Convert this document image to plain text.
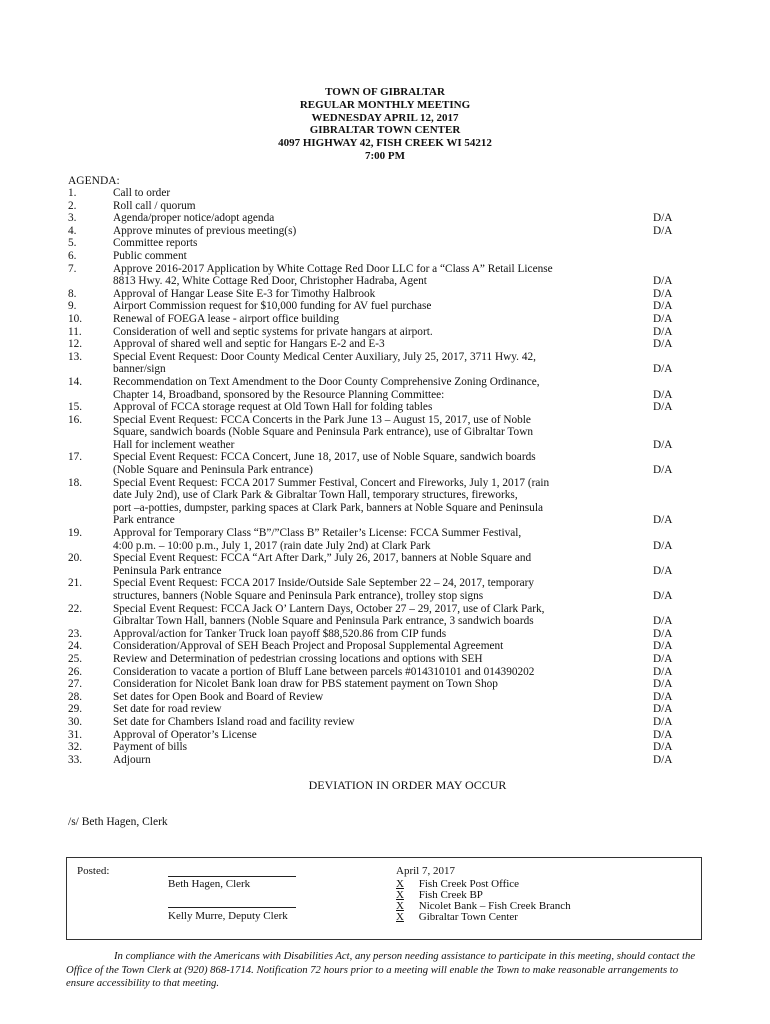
TOWN OF GIBRALTAR
REGULAR MONTHLY MEETING
WEDNESDAY APRIL 12, 2017
GIBRALTAR TOWN CENTER
4097 HIGHWAY 42, FISH CREEK WI 54212
7:00 PM
AGENDA:
1.	Call to order
2.	Roll call / quorum
3.	Agenda/proper notice/adopt agenda	D/A
4.	Approve minutes of previous meeting(s)	D/A
5.	Committee reports
6.	Public comment
7.	Approve 2016-2017 Application by White Cottage Red Door LLC for a “Class A” Retail License
8813 Hwy. 42, White Cottage Red Door, Christopher Hadraba, Agent	D/A
8.	Approval of Hangar Lease Site E-3 for Timothy Halbrook	D/A
9.	Airport Commission request for $10,000 funding for AV fuel purchase	D/A
10.	Renewal of FOEGA lease - airport office building	D/A
11.	Consideration of well and septic systems for private hangars at airport.	D/A
12.	Approval of shared well and septic for Hangars E-2 and E-3	D/A
13.	Special Event Request: Door County Medical Center Auxiliary, July 25, 2017, 3711 Hwy. 42,
banner/sign	D/A
14.	Recommendation on Text Amendment to the Door County Comprehensive Zoning Ordinance,
Chapter 14, Broadband, sponsored by the Resource Planning Committee:	D/A
15.	Approval of FCCA storage request at Old Town Hall for folding tables	D/A
16.	Special Event Request: FCCA Concerts in the Park June 13 – August 15, 2017, use of Noble
Square, sandwich boards (Noble Square and Peninsula Park entrance), use of Gibraltar Town
Hall for inclement weather	D/A
17.	Special Event Request: FCCA Concert, June 18, 2017, use of Noble Square, sandwich boards
(Noble Square and Peninsula Park entrance)	D/A
18.	Special Event Request: FCCA 2017 Summer Festival, Concert and Fireworks, July 1, 2017 (rain
date July 2nd), use of Clark Park & Gibraltar Town Hall, temporary structures, fireworks,
port –a-potties, dumpster, parking spaces at Clark Park, banners at Noble Square and Peninsula
Park entrance	D/A
19.	Approval for Temporary Class “B”/”Class B” Retailer’s License: FCCA Summer Festival,
4:00 p.m. – 10:00 p.m., July 1, 2017 (rain date July 2nd) at Clark Park	D/A
20.	Special Event Request: FCCA “Art After Dark,” July 26, 2017, banners at Noble Square and
Peninsula Park entrance	D/A
21.	Special Event Request: FCCA 2017 Inside/Outside Sale September 22 – 24, 2017, temporary
structures, banners (Noble Square and Peninsula Park entrance), trolley stop signs	D/A
22.	Special Event Request: FCCA Jack O’ Lantern Days, October 27 – 29, 2017, use of Clark Park,
Gibraltar Town Hall, banners (Noble Square and Peninsula Park entrance, 3 sandwich boards	D/A
23.	Approval/action for Tanker Truck loan payoff $88,520.86 from CIP funds	D/A
24.	Consideration/Approval of SEH Beach Project and Proposal Supplemental Agreement	D/A
25.	Review and Determination of pedestrian crossing locations and options with SEH	D/A
26.	Consideration to vacate a portion of Bluff Lane between parcels #014310101 and 014390202	D/A
27.	Consideration for Nicolet Bank loan draw for PBS statement payment on Town Shop	D/A
28.	Set dates for Open Book and Board of Review	D/A
29.	Set date for road review	D/A
30.	Set date for Chambers Island road and facility review	D/A
31.	Approval of Operator’s License	D/A
32.	Payment of bills	D/A
33.	Adjourn	D/A
DEVIATION IN ORDER MAY OCCUR
/s/ Beth Hagen, Clerk
Posted:
Beth Hagen, Clerk
Kelly Murre, Deputy Clerk
April 7, 2017
X Fish Creek Post Office
X Fish Creek BP
X Nicolet Bank – Fish Creek Branch
X Gibraltar Town Center
In compliance with the Americans with Disabilities Act, any person needing assistance to participate in this meeting, should contact the Office of the Town Clerk at (920) 868-1714. Notification 72 hours prior to a meeting will enable the Town to make reasonable arrangements to ensure accessibility to that meeting.
